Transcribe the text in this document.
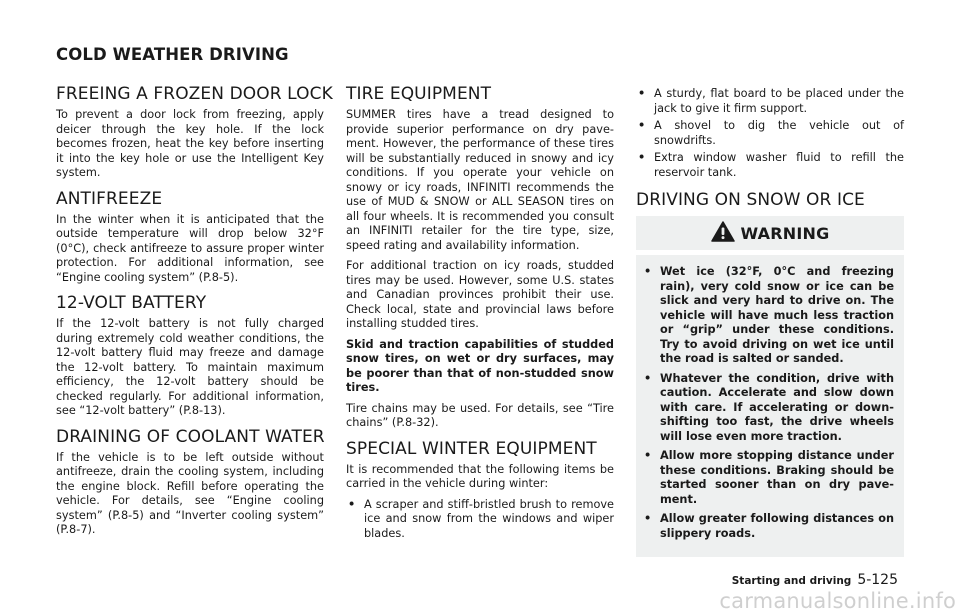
COLD WEATHER DRIVING
FREEING A FROZEN DOOR LOCK

To prevent a door lock from freezing, apply deicer through the key hole. If the lock becomes frozen, heat the key before inserting it into the key hole or use the Intelligent Key system.

ANTIFREEZE

In the winter when it is anticipated that the outside temperature will drop below 32°F (0°C), check antifreeze to assure proper winter protection. For additional information, see “Engine cooling system” (P.8-5).

12-VOLT BATTERY

If the 12-volt battery is not fully charged during extremely cold weather conditions, the 12-volt battery fluid may freeze and damage the 12-volt battery. To maintain maximum efficiency, the 12-volt battery should be checked regularly. For additional information, see “12-volt battery” (P.8-13).

DRAINING OF COOLANT WATER

If the vehicle is to be left outside without antifreeze, drain the cooling system, including the engine block. Refill before operating the vehicle. For details, see “Engine cooling system” (P.8-5) and “Inverter cooling system” (P.8-7).

TIRE EQUIPMENT

SUMMER tires have a tread designed to provide superior performance on dry pavement. However, the performance of these tires will be substantially reduced in snowy and icy conditions. If you operate your vehicle on snowy or icy roads, INFINITI recommends the use of MUD & SNOW or ALL SEASON tires on all four wheels. It is recommended you consult an INFINITI retailer for the tire type, size, speed rating and availability information.

For additional traction on icy roads, studded tires may be used. However, some U.S. states and Canadian provinces prohibit their use. Check local, state and provincial laws before installing studded tires.

Skid and traction capabilities of studded snow tires, on wet or dry surfaces, may be poorer than that of non-studded snow tires.

Tire chains may be used. For details, see “Tire chains” (P.8-32).

SPECIAL WINTER EQUIPMENT

It is recommended that the following items be carried in the vehicle during winter:

• A scraper and stiff-bristled brush to remove ice and snow from the windows and wiper blades.
• A sturdy, flat board to be placed under the jack to give it firm support.
• A shovel to dig the vehicle out of snowdrifts.
• Extra window washer fluid to refill the reservoir tank.
DRIVING ON SNOW OR ICE
WARNING
• Wet ice (32°F, 0°C and freezing rain), very cold snow or ice can be slick and very hard to drive on. The vehicle will have much less traction or “grip” under these conditions. Try to avoid driving on wet ice until the road is salted or sanded.
• Whatever the condition, drive with caution. Accelerate and slow down with care. If accelerating or downshifting too fast, the drive wheels will lose even more traction.
• Allow more stopping distance under these conditions. Braking should be started sooner than on dry pavement.
• Allow greater following distances on slippery roads.
Starting and driving 5-125
carmanualsonline.info
